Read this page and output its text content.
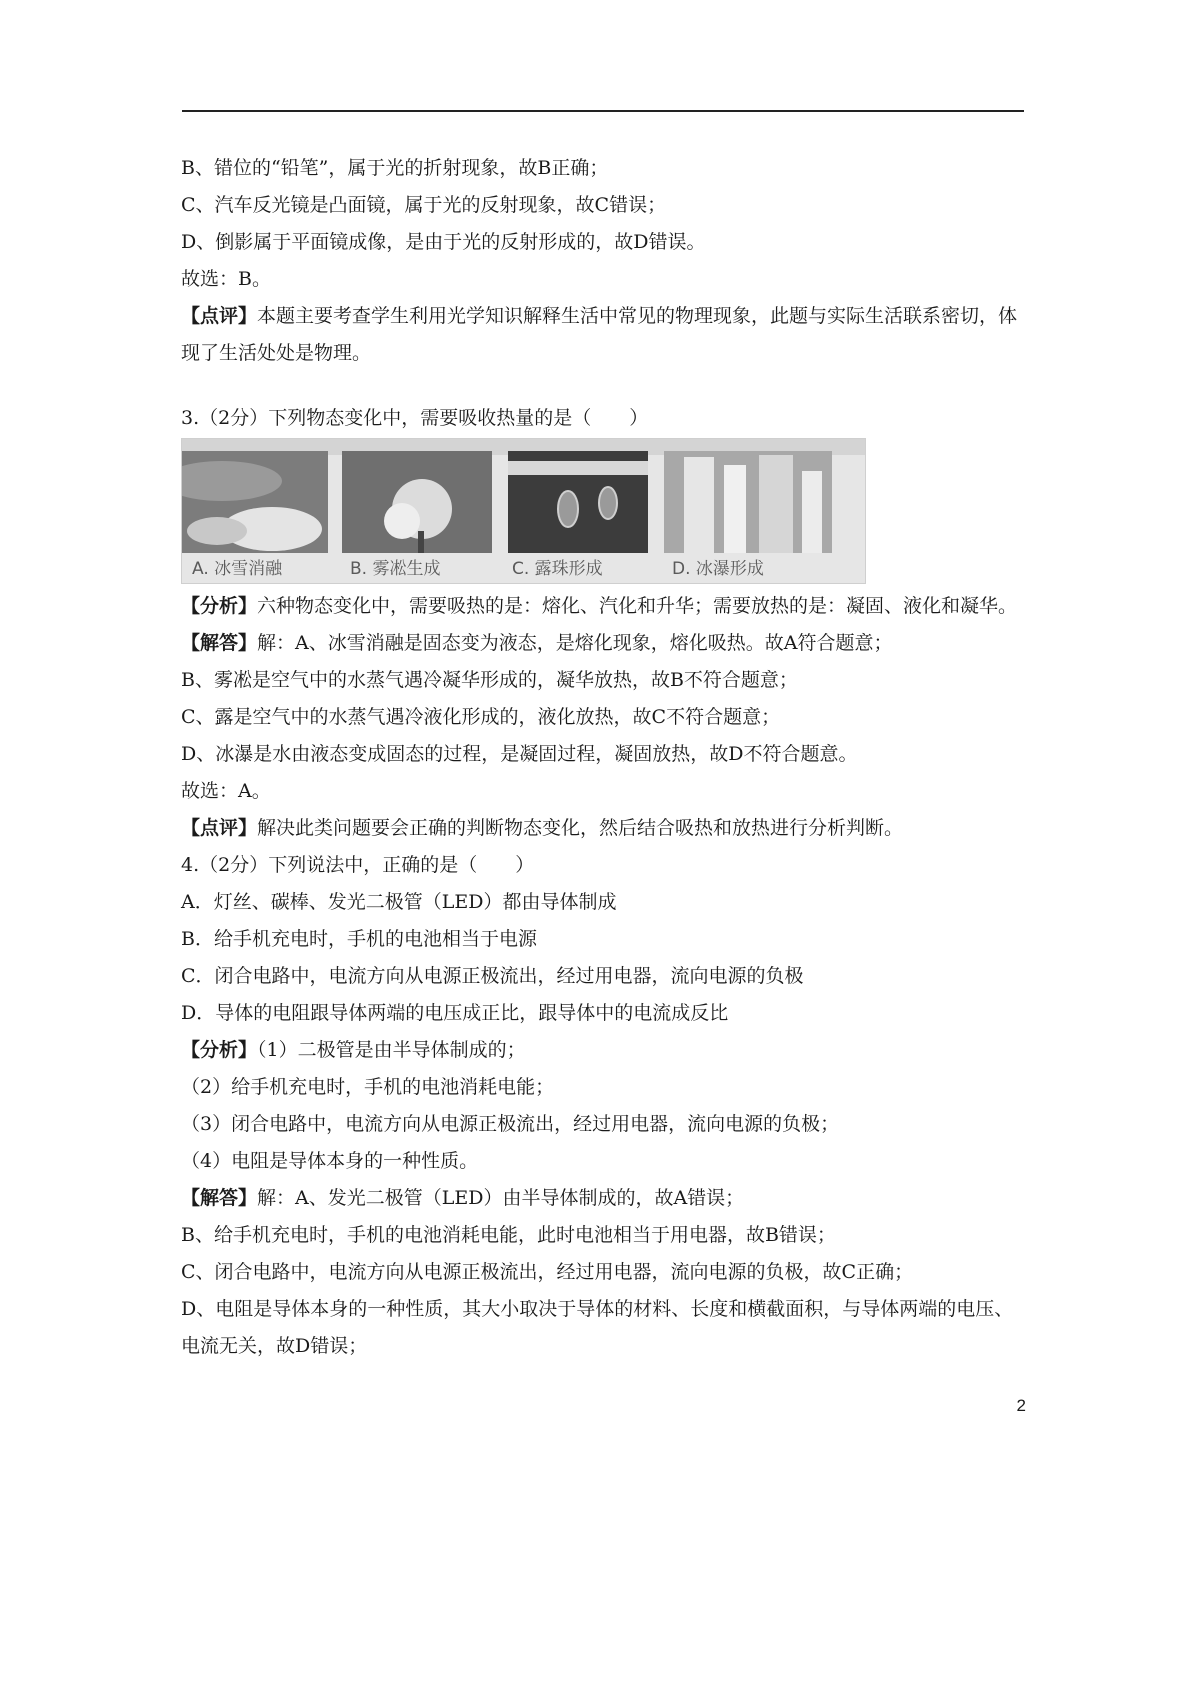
B、错位的“铅笔”，属于光的折射现象，故B正确；
C、汽车反光镜是凸面镜，属于光的反射现象，故C错误；
D、倒影属于平面镜成像，是由于光的反射形成的，故D错误。
故选：B。
【点评】本题主要考查学生利用光学知识解释生活中常见的物理现象，此题与实际生活联系密切，体现了生活处处是物理。
3.（2分）下列物态变化中，需要吸收热量的是（　　）
A. 冰雪消融	B. 雾凇生成	C. 露珠形成	D. 冰瀑形成
【分析】六种物态变化中，需要吸热的是：熔化、汽化和升华；需要放热的是：凝固、液化和凝华。
【解答】解：A、冰雪消融是固态变为液态，是熔化现象，熔化吸热。故A符合题意；
B、雾凇是空气中的水蒸气遇冷凝华形成的，凝华放热，故B不符合题意；
C、露是空气中的水蒸气遇冷液化形成的，液化放热，故C不符合题意；
D、冰瀑是水由液态变成固态的过程，是凝固过程，凝固放热，故D不符合题意。
故选：A。
【点评】解决此类问题要会正确的判断物态变化，然后结合吸热和放热进行分析判断。
4.（2分）下列说法中，正确的是（　　）
A．灯丝、碳棒、发光二极管（LED）都由导体制成
B．给手机充电时，手机的电池相当于电源
C．闭合电路中，电流方向从电源正极流出，经过用电器，流向电源的负极
D．导体的电阻跟导体两端的电压成正比，跟导体中的电流成反比
【分析】（1）二极管是由半导体制成的；
（2）给手机充电时，手机的电池消耗电能；
（3）闭合电路中，电流方向从电源正极流出，经过用电器，流向电源的负极；
（4）电阻是导体本身的一种性质。
【解答】解：A、发光二极管（LED）由半导体制成的，故A错误；
B、给手机充电时，手机的电池消耗电能，此时电池相当于用电器，故B错误；
C、闭合电路中，电流方向从电源正极流出，经过用电器，流向电源的负极，故C正确；
D、电阻是导体本身的一种性质，其大小取决于导体的材料、长度和横截面积，与导体两端的电压、电流无关，故D错误；
2
